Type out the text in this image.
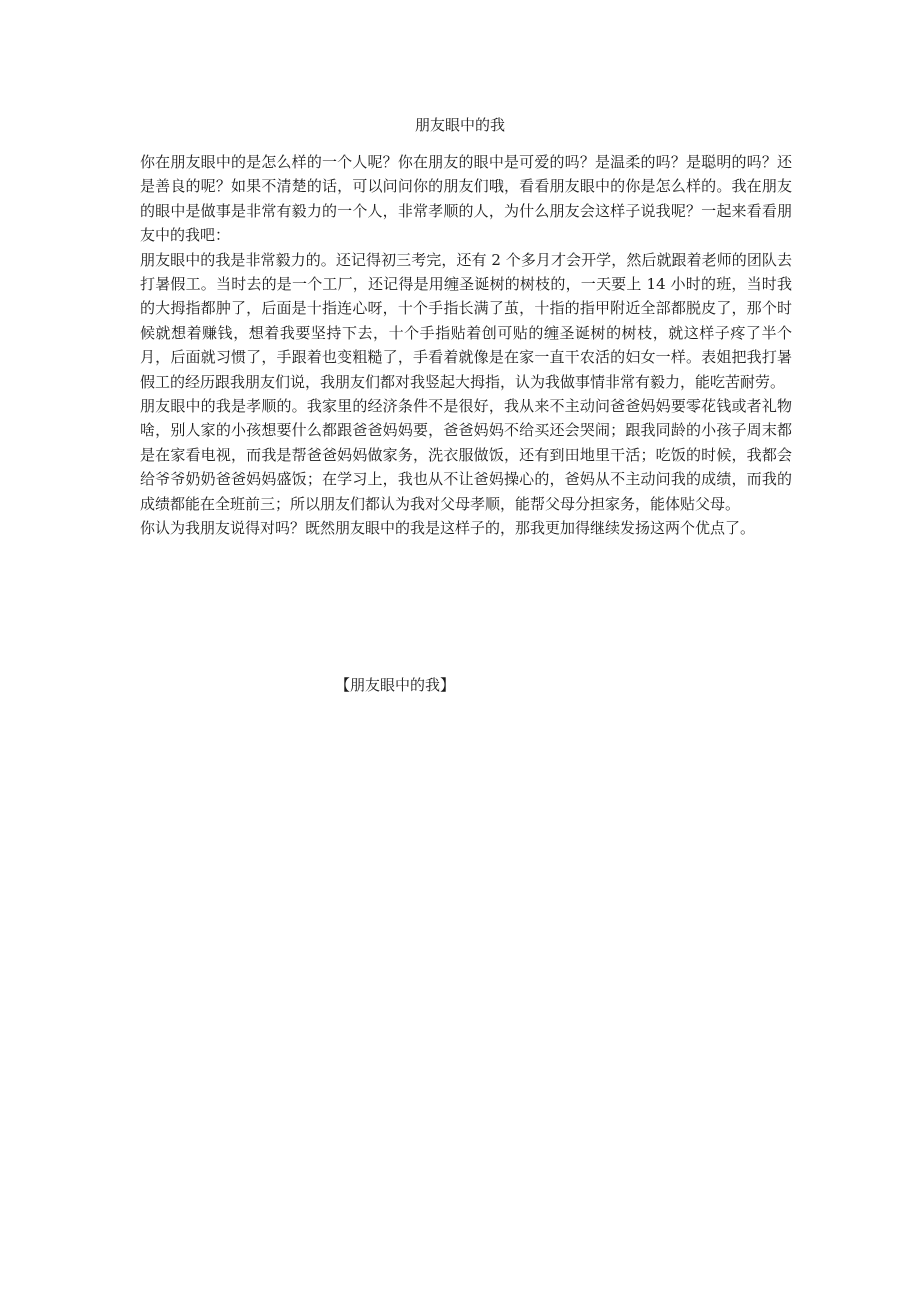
朋友眼中的我

你在朋友眼中的是怎么样的一个人呢？你在朋友的眼中是可爱的吗？是温柔的吗？是聪明的吗？还是善良的呢？如果不清楚的话，可以问问你的朋友们哦，看看朋友眼中的你是怎么样的。我在朋友的眼中是做事是非常有毅力的一个人，非常孝顺的人，为什么朋友会这样子说我呢？一起来看看朋友中的我吧：

朋友眼中的我是非常毅力的。还记得初三考完，还有 2 个多月才会开学，然后就跟着老师的团队去打暑假工。当时去的是一个工厂，还记得是用缠圣诞树的树枝的，一天要上 14 小时的班，当时我的大拇指都肿了，后面是十指连心呀，十个手指长满了茧，十指的指甲附近全部都脱皮了，那个时候就想着赚钱，想着我要坚持下去，十个手指贴着创可贴的缠圣诞树的树枝，就这样子疼了半个月，后面就习惯了，手跟着也变粗糙了，手看着就像是在家一直干农活的妇女一样。表姐把我打暑假工的经历跟我朋友们说，我朋友们都对我竖起大拇指，认为我做事情非常有毅力，能吃苦耐劳。

朋友眼中的我是孝顺的。我家里的经济条件不是很好，我从来不主动问爸爸妈妈要零花钱或者礼物啥，别人家的小孩想要什么都跟爸爸妈妈要，爸爸妈妈不给买还会哭闹；跟我同龄的小孩子周末都是在家看电视，而我是帮爸爸妈妈做家务，洗衣服做饭，还有到田地里干活；吃饭的时候，我都会给爷爷奶奶爸爸妈妈盛饭；在学习上，我也从不让爸妈操心的，爸妈从不主动问我的成绩，而我的成绩都能在全班前三；所以朋友们都认为我对父母孝顺，能帮父母分担家务，能体贴父母。

你认为我朋友说得对吗？既然朋友眼中的我是这样子的，那我更加得继续发扬这两个优点了。

【朋友眼中的我】
